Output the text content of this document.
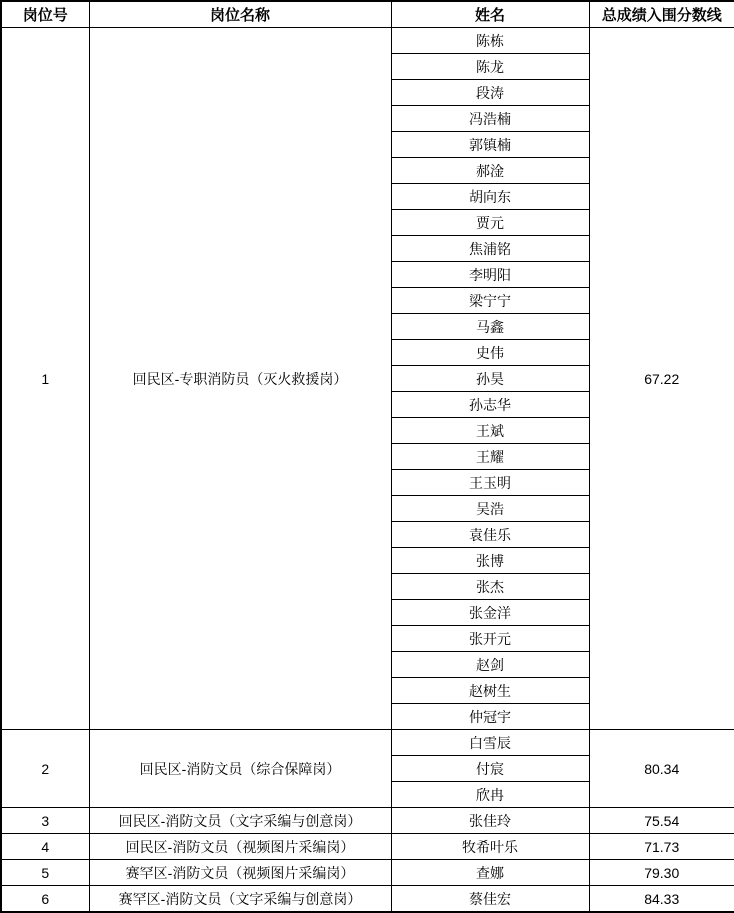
岗位号	岗位名称	姓名	总成绩入围分数线
1	回民区-专职消防员（灭火救援岗）	陈栋	67.22
		陈龙	
		段涛	
		冯浩楠	
		郭镇楠	
		郝淦	
		胡向东	
		贾元	
		焦浦铭	
		李明阳	
		梁宁宁	
		马鑫	
		史伟	
		孙昊	
		孙志华	
		王斌	
		王耀	
		王玉明	
		吴浩	
		袁佳乐	
		张博	
		张杰	
		张金洋	
		张开元	
		赵剑	
		赵树生	
		仲冠宇	
2	回民区-消防文员（综合保障岗）	白雪辰	80.34
		付宸	
		欣冉	
3	回民区-消防文员（文字采编与创意岗）	张佳玲	75.54
4	回民区-消防文员（视频图片采编岗）	牧希叶乐	71.73
5	赛罕区-消防文员（视频图片采编岗）	查娜	79.30
6	赛罕区-消防文员（文字采编与创意岗）	蔡佳宏	84.33
